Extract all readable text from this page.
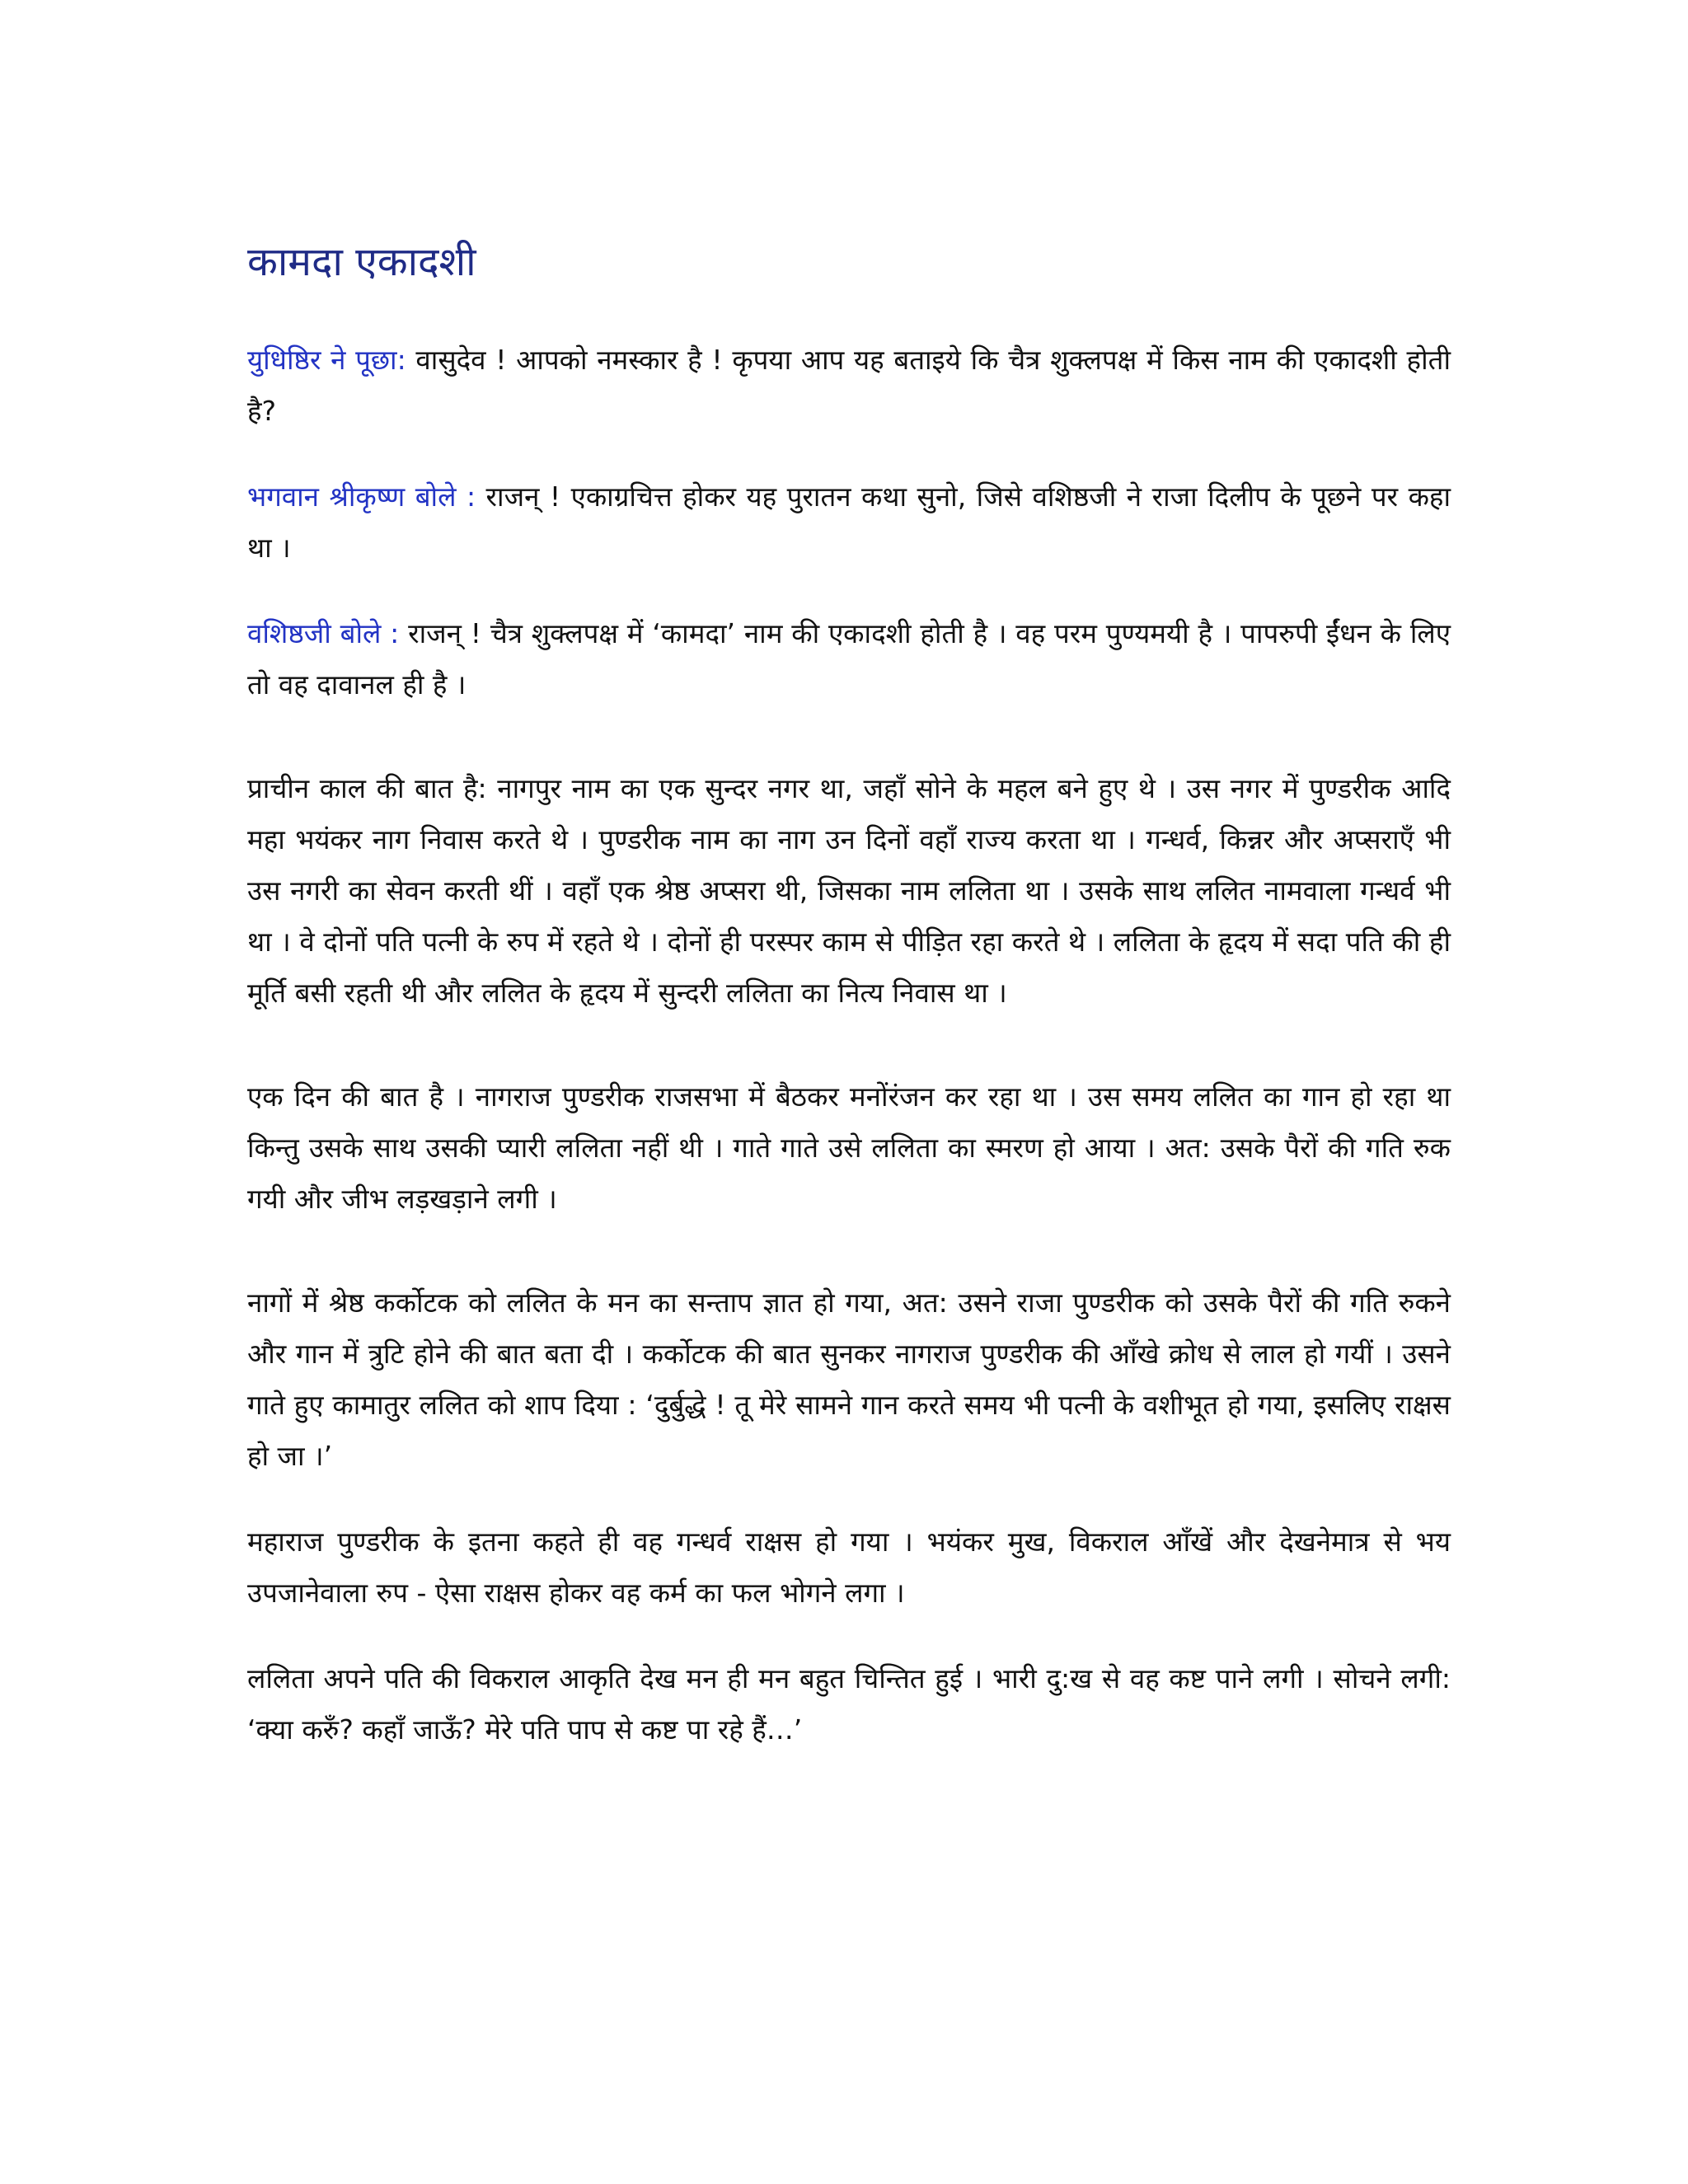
कामदा एकादशी

युधिष्ठिर ने पूछा: वासुदेव ! आपको नमस्कार है ! कृपया आप यह बताइये कि चैत्र शुक्लपक्ष में किस नाम की एकादशी होती है?

भगवान श्रीकृष्ण बोले : राजन् ! एकाग्रचित्त होकर यह पुरातन कथा सुनो, जिसे वशिष्ठजी ने राजा दिलीप के पूछने पर कहा था ।

वशिष्ठजी बोले : राजन् ! चैत्र शुक्लपक्ष में ‘कामदा’ नाम की एकादशी होती है । वह परम पुण्यमयी है । पापरुपी ईंधन के लिए तो वह दावानल ही है ।

प्राचीन काल की बात है: नागपुर नाम का एक सुन्दर नगर था, जहाँ सोने के महल बने हुए थे । उस नगर में पुण्डरीक आदि महा भयंकर नाग निवास करते थे । पुण्डरीक नाम का नाग उन दिनों वहाँ राज्य करता था । गन्धर्व, किन्नर और अप्सराएँ भी उस नगरी का सेवन करती थीं । वहाँ एक श्रेष्ठ अप्सरा थी, जिसका नाम ललिता था । उसके साथ ललित नामवाला गन्धर्व भी था । वे दोनों पति पत्नी के रुप में रहते थे । दोनों ही परस्पर काम से पीड़ित रहा करते थे । ललिता के हृदय में सदा पति की ही मूर्ति बसी रहती थी और ललित के हृदय में सुन्दरी ललिता का नित्य निवास था ।

एक दिन की बात है । नागराज पुण्डरीक राजसभा में बैठकर मनोंरंजन कर रहा था । उस समय ललित का गान हो रहा था किन्तु उसके साथ उसकी प्यारी ललिता नहीं थी । गाते गाते उसे ललिता का स्मरण हो आया । अत: उसके पैरों की गति रुक गयी और जीभ लड़खड़ाने लगी ।

नागों में श्रेष्ठ कर्कोटक को ललित के मन का सन्ताप ज्ञात हो गया, अत: उसने राजा पुण्डरीक को उसके पैरों की गति रुकने और गान में त्रुटि होने की बात बता दी । कर्कोटक की बात सुनकर नागराज पुण्डरीक की आँखे क्रोध से लाल हो गयीं । उसने गाते हुए कामातुर ललित को शाप दिया : ‘दुर्बुद्धे ! तू मेरे सामने गान करते समय भी पत्नी के वशीभूत हो गया, इसलिए राक्षस हो जा ।’

महाराज पुण्डरीक के इतना कहते ही वह गन्धर्व राक्षस हो गया । भयंकर मुख, विकराल आँखें और देखनेमात्र से भय उपजानेवाला रुप - ऐसा राक्षस होकर वह कर्म का फल भोगने लगा ।

ललिता अपने पति की विकराल आकृति देख मन ही मन बहुत चिन्तित हुई । भारी दु:ख से वह कष्ट पाने लगी । सोचने लगी: ‘क्या करुँ? कहाँ जाऊँ? मेरे पति पाप से कष्ट पा रहे हैं…’
